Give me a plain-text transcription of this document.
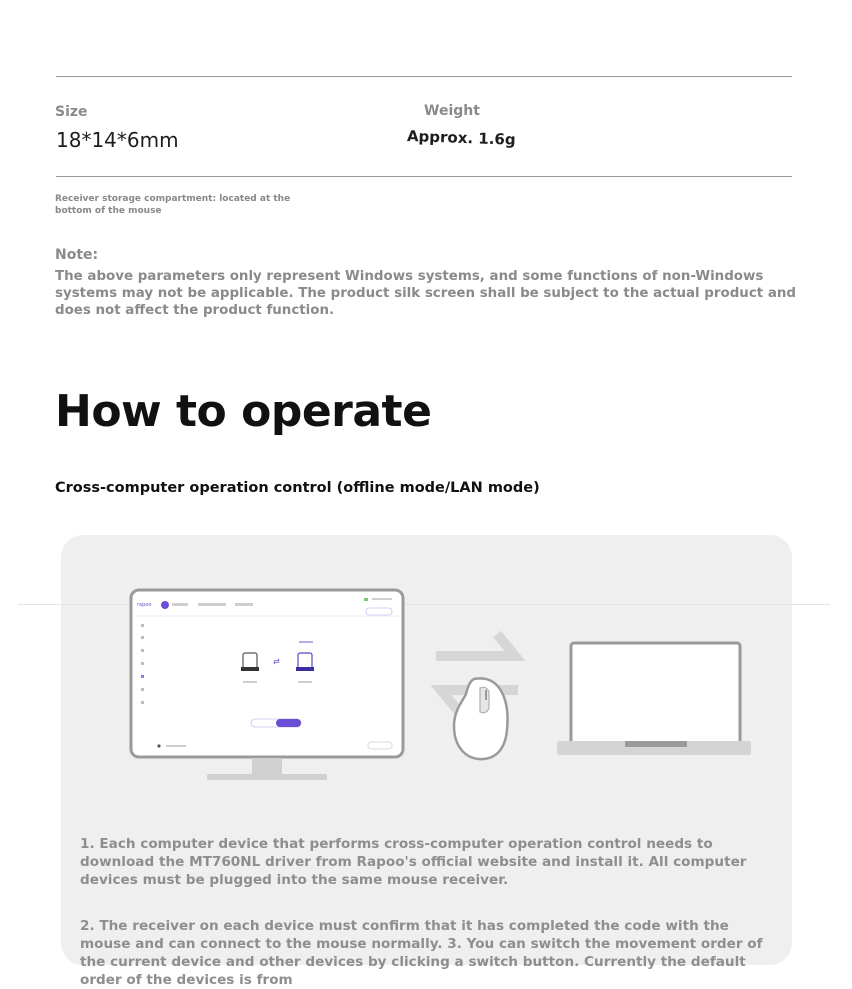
Size
18*14*6mm
Weight
Approx. 1.6g
Receiver storage compartment: located at the bottom of the mouse
Note:
The above parameters only represent Windows systems, and some functions of non-Windows systems may not be applicable. The product silk screen shall be subject to the actual product and does not affect the product function.
How to operate
Cross-computer operation control (offline mode/LAN mode)
rapoo
⇄
1. Each computer device that performs cross-computer operation control needs to download the MT760NL driver from Rapoo's official website and install it. All computer devices must be plugged into the same mouse receiver.
2. The receiver on each device must confirm that it has completed the code with the mouse and can connect to the mouse normally. 3. You can switch the movement order of the current device and other devices by clicking a switch button. Currently the default order of the devices is from
